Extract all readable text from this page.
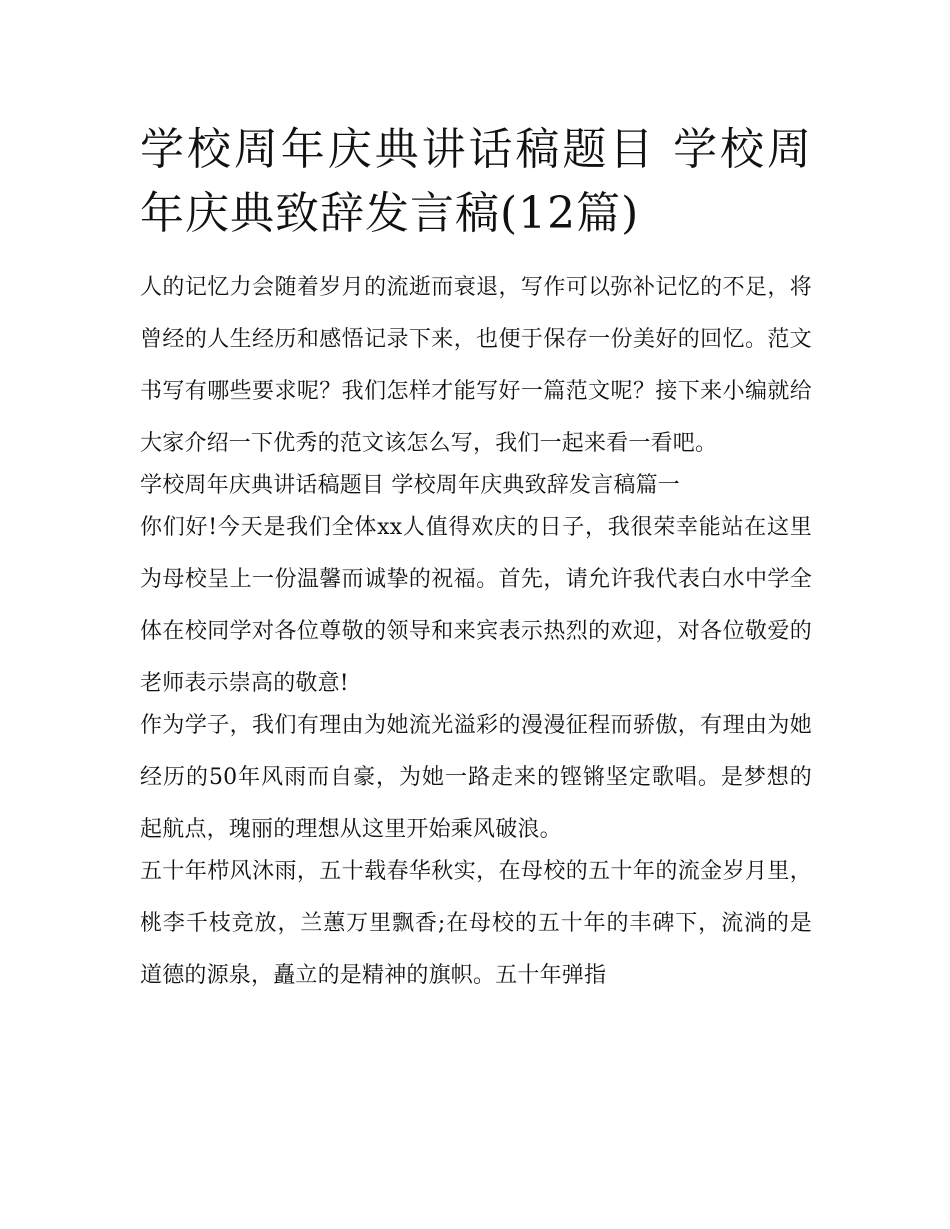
学校周年庆典讲话稿题目 学校周年庆典致辞发言稿(12篇)

人的记忆力会随着岁月的流逝而衰退，写作可以弥补记忆的不足，将曾经的人生经历和感悟记录下来，也便于保存一份美好的回忆。范文书写有哪些要求呢？我们怎样才能写好一篇范文呢？接下来小编就给大家介绍一下优秀的范文该怎么写，我们一起来看一看吧。

学校周年庆典讲话稿题目 学校周年庆典致辞发言稿篇一

你们好!今天是我们全体xx人值得欢庆的日子，我很荣幸能站在这里为母校呈上一份温馨而诚挚的祝福。首先，请允许我代表白水中学全体在校同学对各位尊敬的领导和来宾表示热烈的欢迎，对各位敬爱的老师表示崇高的敬意!

作为学子，我们有理由为她流光溢彩的漫漫征程而骄傲，有理由为她经历的50年风雨而自豪，为她一路走来的铿锵坚定歌唱。是梦想的起航点，瑰丽的理想从这里开始乘风破浪。

五十年栉风沐雨，五十载春华秋实，在母校的五十年的流金岁月里，桃李千枝竞放，兰蕙万里飘香;在母校的五十年的丰碑下，流淌的是道德的源泉，矗立的是精神的旗帜。五十年弹指
